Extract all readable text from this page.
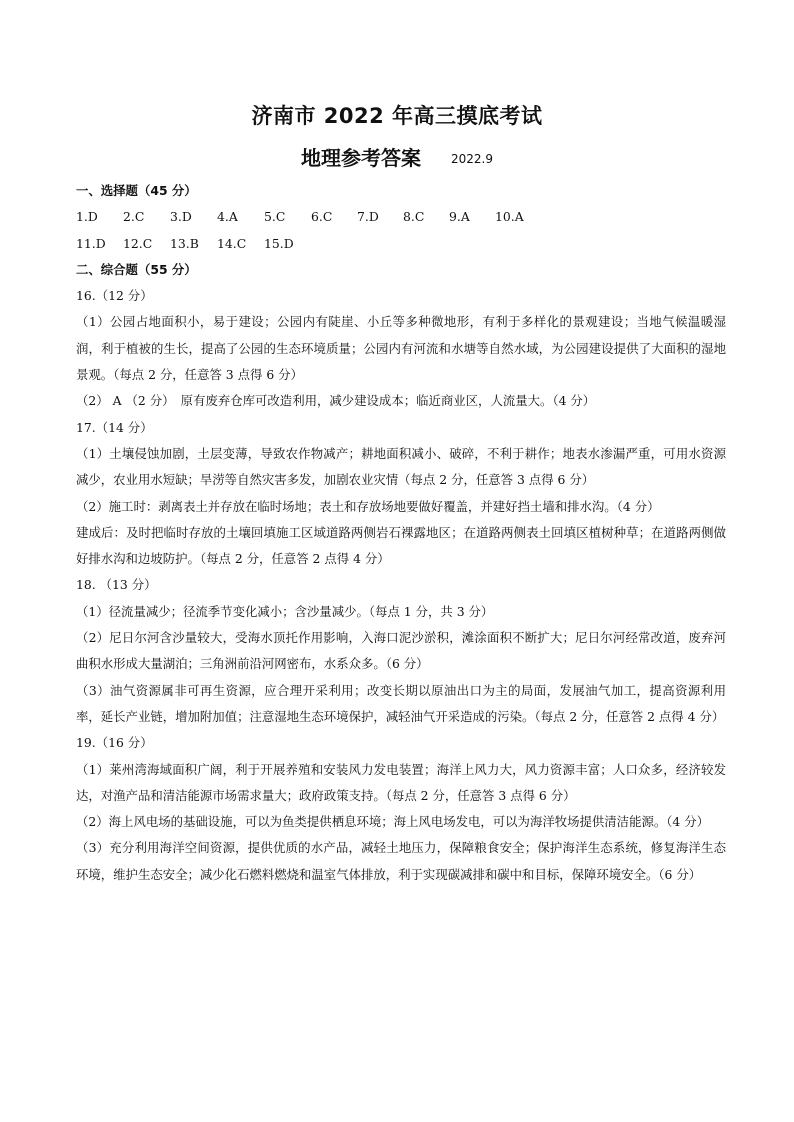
济南市 2022 年高三摸底考试
地理参考答案	2022.9
一、选择题（45 分）
1.D 2.C 3.D 4.A 5.C 6.C 7.D 8.C 9.A 10.A
11.D 12.C 13.B 14.C 15.D
二、综合题（55 分）
16.（12 分）
（1）公园占地面积小，易于建设；公园内有陡崖、小丘等多种微地形，有利于多样化的景观建设；当地气候温暖湿润，利于植被的生长，提高了公园的生态环境质量；公园内有河流和水塘等自然水域，为公园建设提供了大面积的湿地景观。（每点 2 分，任意答 3 点得 6 分）
（2） A （2 分）　原有废弃仓库可改造利用，减少建设成本；临近商业区，人流量大。（4 分）
17.（14 分）
（1）土壤侵蚀加剧，土层变薄，导致农作物减产；耕地面积减小、破碎，不利于耕作；地表水渗漏严重，可用水资源减少，农业用水短缺；旱涝等自然灾害多发，加剧农业灾情（每点 2 分，任意答 3 点得 6 分）
（2）施工时：剥离表土并存放在临时场地；表土和存放场地要做好覆盖，并建好挡土墙和排水沟。（4 分）
建成后：及时把临时存放的土壤回填施工区域道路两侧岩石裸露地区；在道路两侧表土回填区植树种草；在道路两侧做好排水沟和边坡防护。（每点 2 分，任意答 2 点得 4 分）
18. （13 分）
（1）径流量减少；径流季节变化减小；含沙量减少。（每点 1 分，共 3 分）
（2）尼日尔河含沙量较大，受海水顶托作用影响，入海口泥沙淤积，滩涂面积不断扩大；尼日尔河经常改道，废弃河曲积水形成大量湖泊；三角洲前沿河网密布，水系众多。（6 分）
（3）油气资源属非可再生资源，应合理开采利用；改变长期以原油出口为主的局面，发展油气加工，提高资源利用率，延长产业链，增加附加值；注意湿地生态环境保护，减轻油气开采造成的污染。（每点 2 分，任意答 2 点得 4 分）
19.（16 分）
（1）莱州湾海域面积广阔，利于开展养殖和安装风力发电装置；海洋上风力大，风力资源丰富；人口众多，经济较发达，对渔产品和清洁能源市场需求量大；政府政策支持。（每点 2 分，任意答 3 点得 6 分）
（2）海上风电场的基础设施，可以为鱼类提供栖息环境；海上风电场发电，可以为海洋牧场提供清洁能源。（4 分）
（3）充分利用海洋空间资源，提供优质的水产品，减轻土地压力，保障粮食安全；保护海洋生态系统，修复海洋生态环境，维护生态安全；减少化石燃料燃烧和温室气体排放，利于实现碳减排和碳中和目标，保障环境安全。（6 分）
